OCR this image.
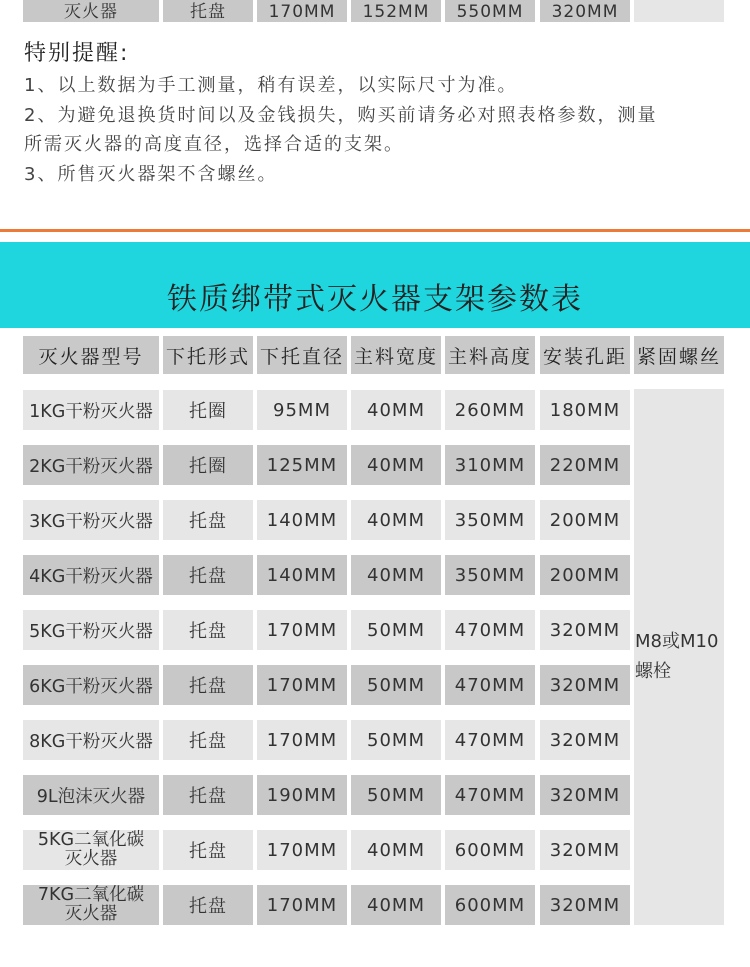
灭火器	托盘	170MM	152MM	550MM	320MM
特别提醒:
1、以上数据为手工测量，稍有误差，以实际尺寸为准。
2、为避免退换货时间以及金钱损失，购买前请务必对照表格参数，测量
所需灭火器的高度直径，选择合适的支架。
3、所售灭火器架不含螺丝。
铁质绑带式灭火器支架参数表
灭火器型号	下托形式 下托直径 主料宽度 主料高度 安装孔距 紧固螺丝
1KG干粉灭火器	托圈	95MM	40MM	260MM	180MM
2KG干粉灭火器	托圈	125MM	40MM	310MM	220MM
3KG干粉灭火器	托盘	140MM	40MM	350MM	200MM
4KG干粉灭火器	托盘	140MM	40MM	350MM	200MM
5KG干粉灭火器	托盘	170MM	50MM	470MM	320MM
6KG干粉灭火器	托盘	170MM	50MM	470MM	320MM
8KG干粉灭火器	托盘	170MM	50MM	470MM	320MM
9L泡沫灭火器	托盘	190MM	50MM	470MM	320MM
5KG二氧化碳
灭火器	托盘	170MM	40MM	600MM	320MM
7KG二氧化碳
灭火器	托盘	170MM	40MM	600MM	320MM
M8或M10
螺栓
